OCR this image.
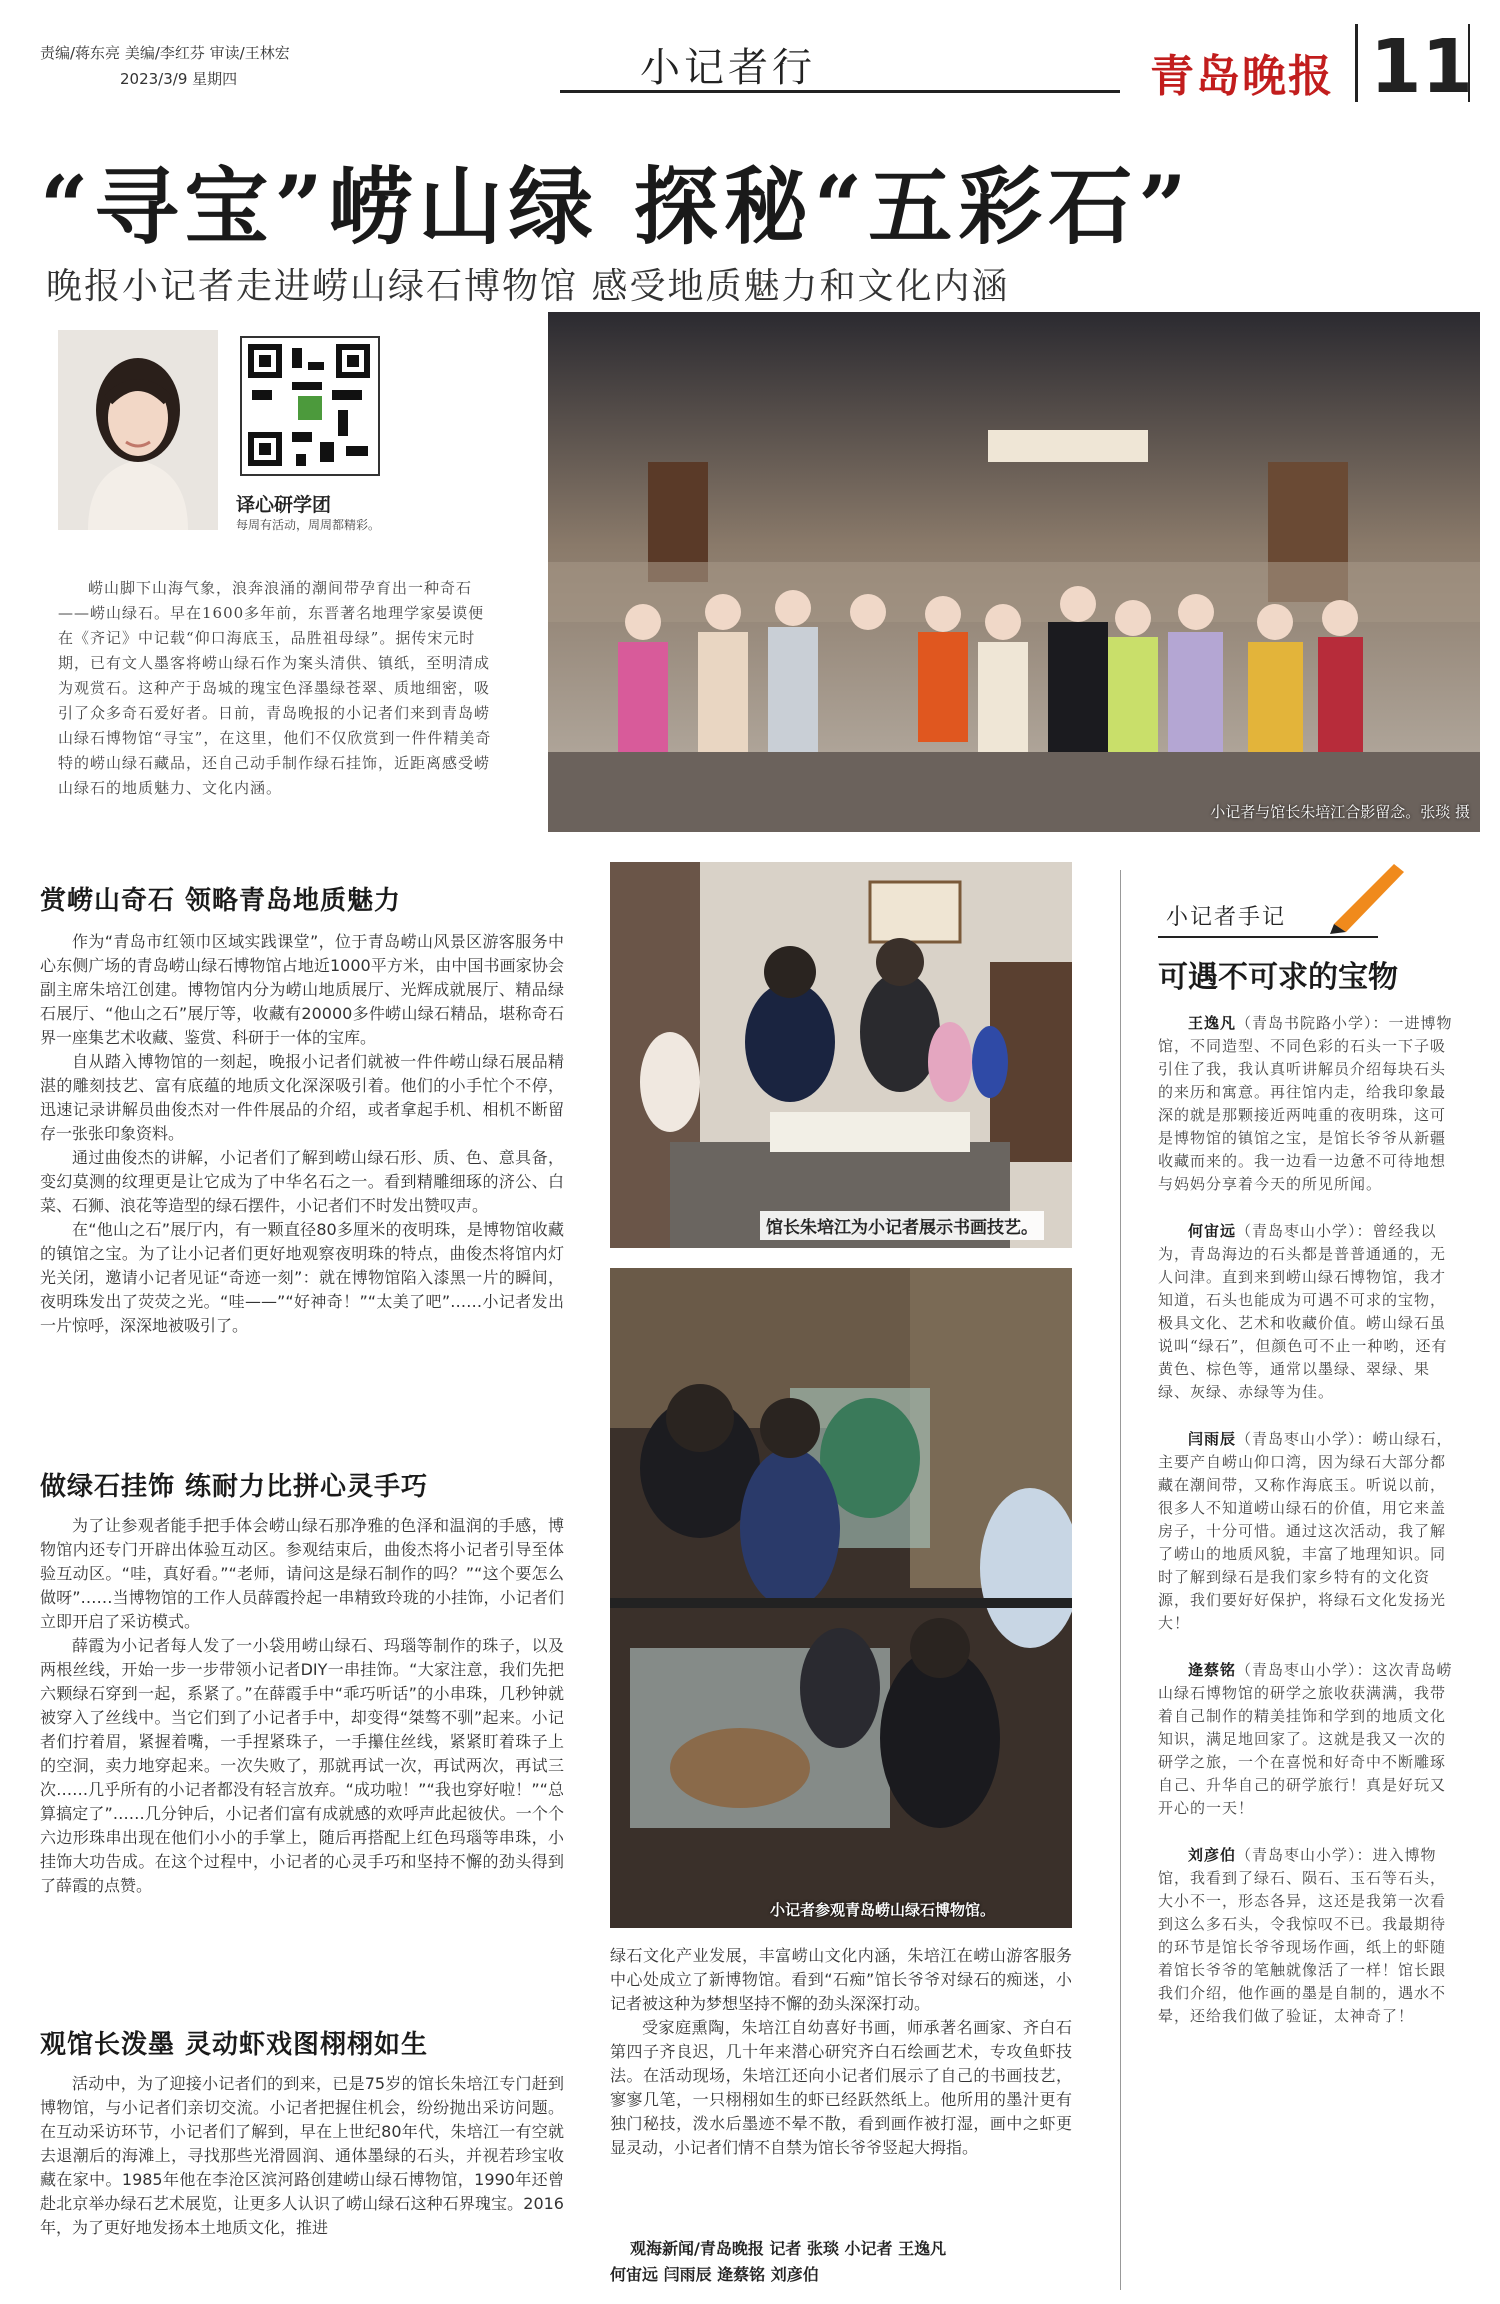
责编/蒋东亮 美编/李红芬 审读/王林宏
2023/3/9 星期四	小记者行	青岛晚报 11
“寻宝”崂山绿 探秘“五彩石”
晚报小记者走进崂山绿石博物馆 感受地质魅力和文化内涵
译心研学团
每周有活动，周周都精彩。
小记者与馆长朱培江合影留念。张琰 摄
崂山脚下山海气象，浪奔浪涌的潮间带孕育出一种奇石——崂山绿石。早在1600多年前，东晋著名地理学家晏谟便在《齐记》中记载“仰口海底玉，品胜祖母绿”。据传宋元时期，已有文人墨客将崂山绿石作为案头清供、镇纸，至明清成为观赏石。这种产于岛城的瑰宝色泽墨绿苍翠、质地细密，吸引了众多奇石爱好者。日前，青岛晚报的小记者们来到青岛崂山绿石博物馆“寻宝”，在这里，他们不仅欣赏到一件件精美奇特的崂山绿石藏品，还自己动手制作绿石挂饰，近距离感受崂山绿石的地质魅力、文化内涵。
赏崂山奇石 领略青岛地质魅力

作为“青岛市红领巾区域实践课堂”，位于青岛崂山风景区游客服务中心东侧广场的青岛崂山绿石博物馆占地近1000平方米，由中国书画家协会副主席朱培江创建。博物馆内分为崂山地质展厅、光辉成就展厅、精品绿石展厅、“他山之石”展厅等，收藏有20000多件崂山绿石精品，堪称奇石界一座集艺术收藏、鉴赏、科研于一体的宝库。

自从踏入博物馆的一刻起，晚报小记者们就被一件件崂山绿石展品精湛的雕刻技艺、富有底蕴的地质文化深深吸引着。他们的小手忙个不停，迅速记录讲解员曲俊杰对一件件展品的介绍，或者拿起手机、相机不断留存一张张印象资料。

通过曲俊杰的讲解，小记者们了解到崂山绿石形、质、色、意具备，变幻莫测的纹理更是让它成为了中华名石之一。看到精雕细琢的济公、白菜、石狮、浪花等造型的绿石摆件，小记者们不时发出赞叹声。

在“他山之石”展厅内，有一颗直径80多厘米的夜明珠，是博物馆收藏的镇馆之宝。为了让小记者们更好地观察夜明珠的特点，曲俊杰将馆内灯光关闭，邀请小记者见证“奇迹一刻”：就在博物馆陷入漆黑一片的瞬间，夜明珠发出了荧荧之光。“哇——”“好神奇！”“太美了吧”……小记者发出一片惊呼，深深地被吸引了。

做绿石挂饰 练耐力比拼心灵手巧

为了让参观者能手把手体会崂山绿石那净雅的色泽和温润的手感，博物馆内还专门开辟出体验互动区。参观结束后，曲俊杰将小记者引导至体验互动区。“哇，真好看。”“老师，请问这是绿石制作的吗？”“这个要怎么做呀”……当博物馆的工作人员薛霞拎起一串精致玲珑的小挂饰，小记者们立即开启了采访模式。

薛霞为小记者每人发了一小袋用崂山绿石、玛瑙等制作的珠子，以及两根丝线，开始一步一步带领小记者DIY一串挂饰。“大家注意，我们先把六颗绿石穿到一起，系紧了。”在薛霞手中“乖巧听话”的小串珠，几秒钟就被穿入了丝线中。当它们到了小记者手中，却变得“桀骜不驯”起来。小记者们拧着眉，紧握着嘴，一手捏紧珠子，一手攥住丝线，紧紧盯着珠子上的空洞，卖力地穿起来。一次失败了，那就再试一次，再试两次，再试三次……几乎所有的小记者都没有轻言放弃。“成功啦！”“我也穿好啦！”“总算搞定了”……几分钟后，小记者们富有成就感的欢呼声此起彼伏。一个个六边形珠串出现在他们小小的手掌上，随后再搭配上红色玛瑙等串珠，小挂饰大功告成。在这个过程中，小记者的心灵手巧和坚持不懈的劲头得到了薛霞的点赞。

观馆长泼墨 灵动虾戏图栩栩如生

活动中，为了迎接小记者们的到来，已是75岁的馆长朱培江专门赶到博物馆，与小记者们亲切交流。小记者把握住机会，纷纷抛出采访问题。在互动采访环节，小记者们了解到，早在上世纪80年代，朱培江一有空就去退潮后的海滩上，寻找那些光滑圆润、通体墨绿的石头，并视若珍宝收藏在家中。1985年他在李沧区滨河路创建崂山绿石博物馆，1990年还曾赴北京举办绿石艺术展览，让更多人认识了崂山绿石这种石界瑰宝。2016年，为了更好地发扬本土地质文化，推进

馆长朱培江为小记者展示书画技艺。
小记者参观青岛崂山绿石博物馆。

绿石文化产业发展，丰富崂山文化内涵，朱培江在崂山游客服务中心处成立了新博物馆。看到“石痴”馆长爷爷对绿石的痴迷，小记者被这种为梦想坚持不懈的劲头深深打动。

受家庭熏陶，朱培江自幼喜好书画，师承著名画家、齐白石第四子齐良迟，几十年来潜心研究齐白石绘画艺术，专攻鱼虾技法。在活动现场，朱培江还向小记者们展示了自己的书画技艺，寥寥几笔，一只栩栩如生的虾已经跃然纸上。他所用的墨汁更有独门秘技，泼水后墨迹不晕不散，看到画作被打湿，画中之虾更显灵动，小记者们情不自禁为馆长爷爷竖起大拇指。

观海新闻/青岛晚报 记者 张琰 小记者 王逸凡
何宙远 闫雨辰 逄蔡铭 刘彦伯
小记者手记
可遇不可求的宝物

王逸凡（青岛书院路小学）：一进博物馆，不同造型、不同色彩的石头一下子吸引住了我，我认真听讲解员介绍每块石头的来历和寓意。再往馆内走，给我印象最深的就是那颗接近两吨重的夜明珠，这可是博物馆的镇馆之宝，是馆长爷爷从新疆收藏而来的。我一边看一边惫不可待地想与妈妈分享着今天的所见所闻。

何宙远（青岛枣山小学）：曾经我以为，青岛海边的石头都是普普通通的，无人问津。直到来到崂山绿石博物馆，我才知道，石头也能成为可遇不可求的宝物，极具文化、艺术和收藏价值。崂山绿石虽说叫“绿石”，但颜色可不止一种哟，还有黄色、棕色等，通常以墨绿、翠绿、果绿、灰绿、赤绿等为佳。

闫雨辰（青岛枣山小学）：崂山绿石，主要产自崂山仰口湾，因为绿石大部分都藏在潮间带，又称作海底玉。听说以前，很多人不知道崂山绿石的价值，用它来盖房子，十分可惜。通过这次活动，我了解了崂山的地质风貌，丰富了地理知识。同时了解到绿石是我们家乡特有的文化资源，我们要好好保护，将绿石文化发扬光大！

逄蔡铭（青岛枣山小学）：这次青岛崂山绿石博物馆的研学之旅收获满满，我带着自己制作的精美挂饰和学到的地质文化知识，满足地回家了。这就是我又一次的研学之旅，一个在喜悦和好奇中不断雕琢自己、升华自己的研学旅行！真是好玩又开心的一天！

刘彦伯（青岛枣山小学）：进入博物馆，我看到了绿石、陨石、玉石等石头，大小不一，形态各异，这还是我第一次看到这么多石头，令我惊叹不已。我最期待的环节是馆长爷爷现场作画，纸上的虾随着馆长爷爷的笔触就像活了一样！馆长跟我们介绍，他作画的墨是自制的，遇水不晕，还给我们做了验证，太神奇了！
